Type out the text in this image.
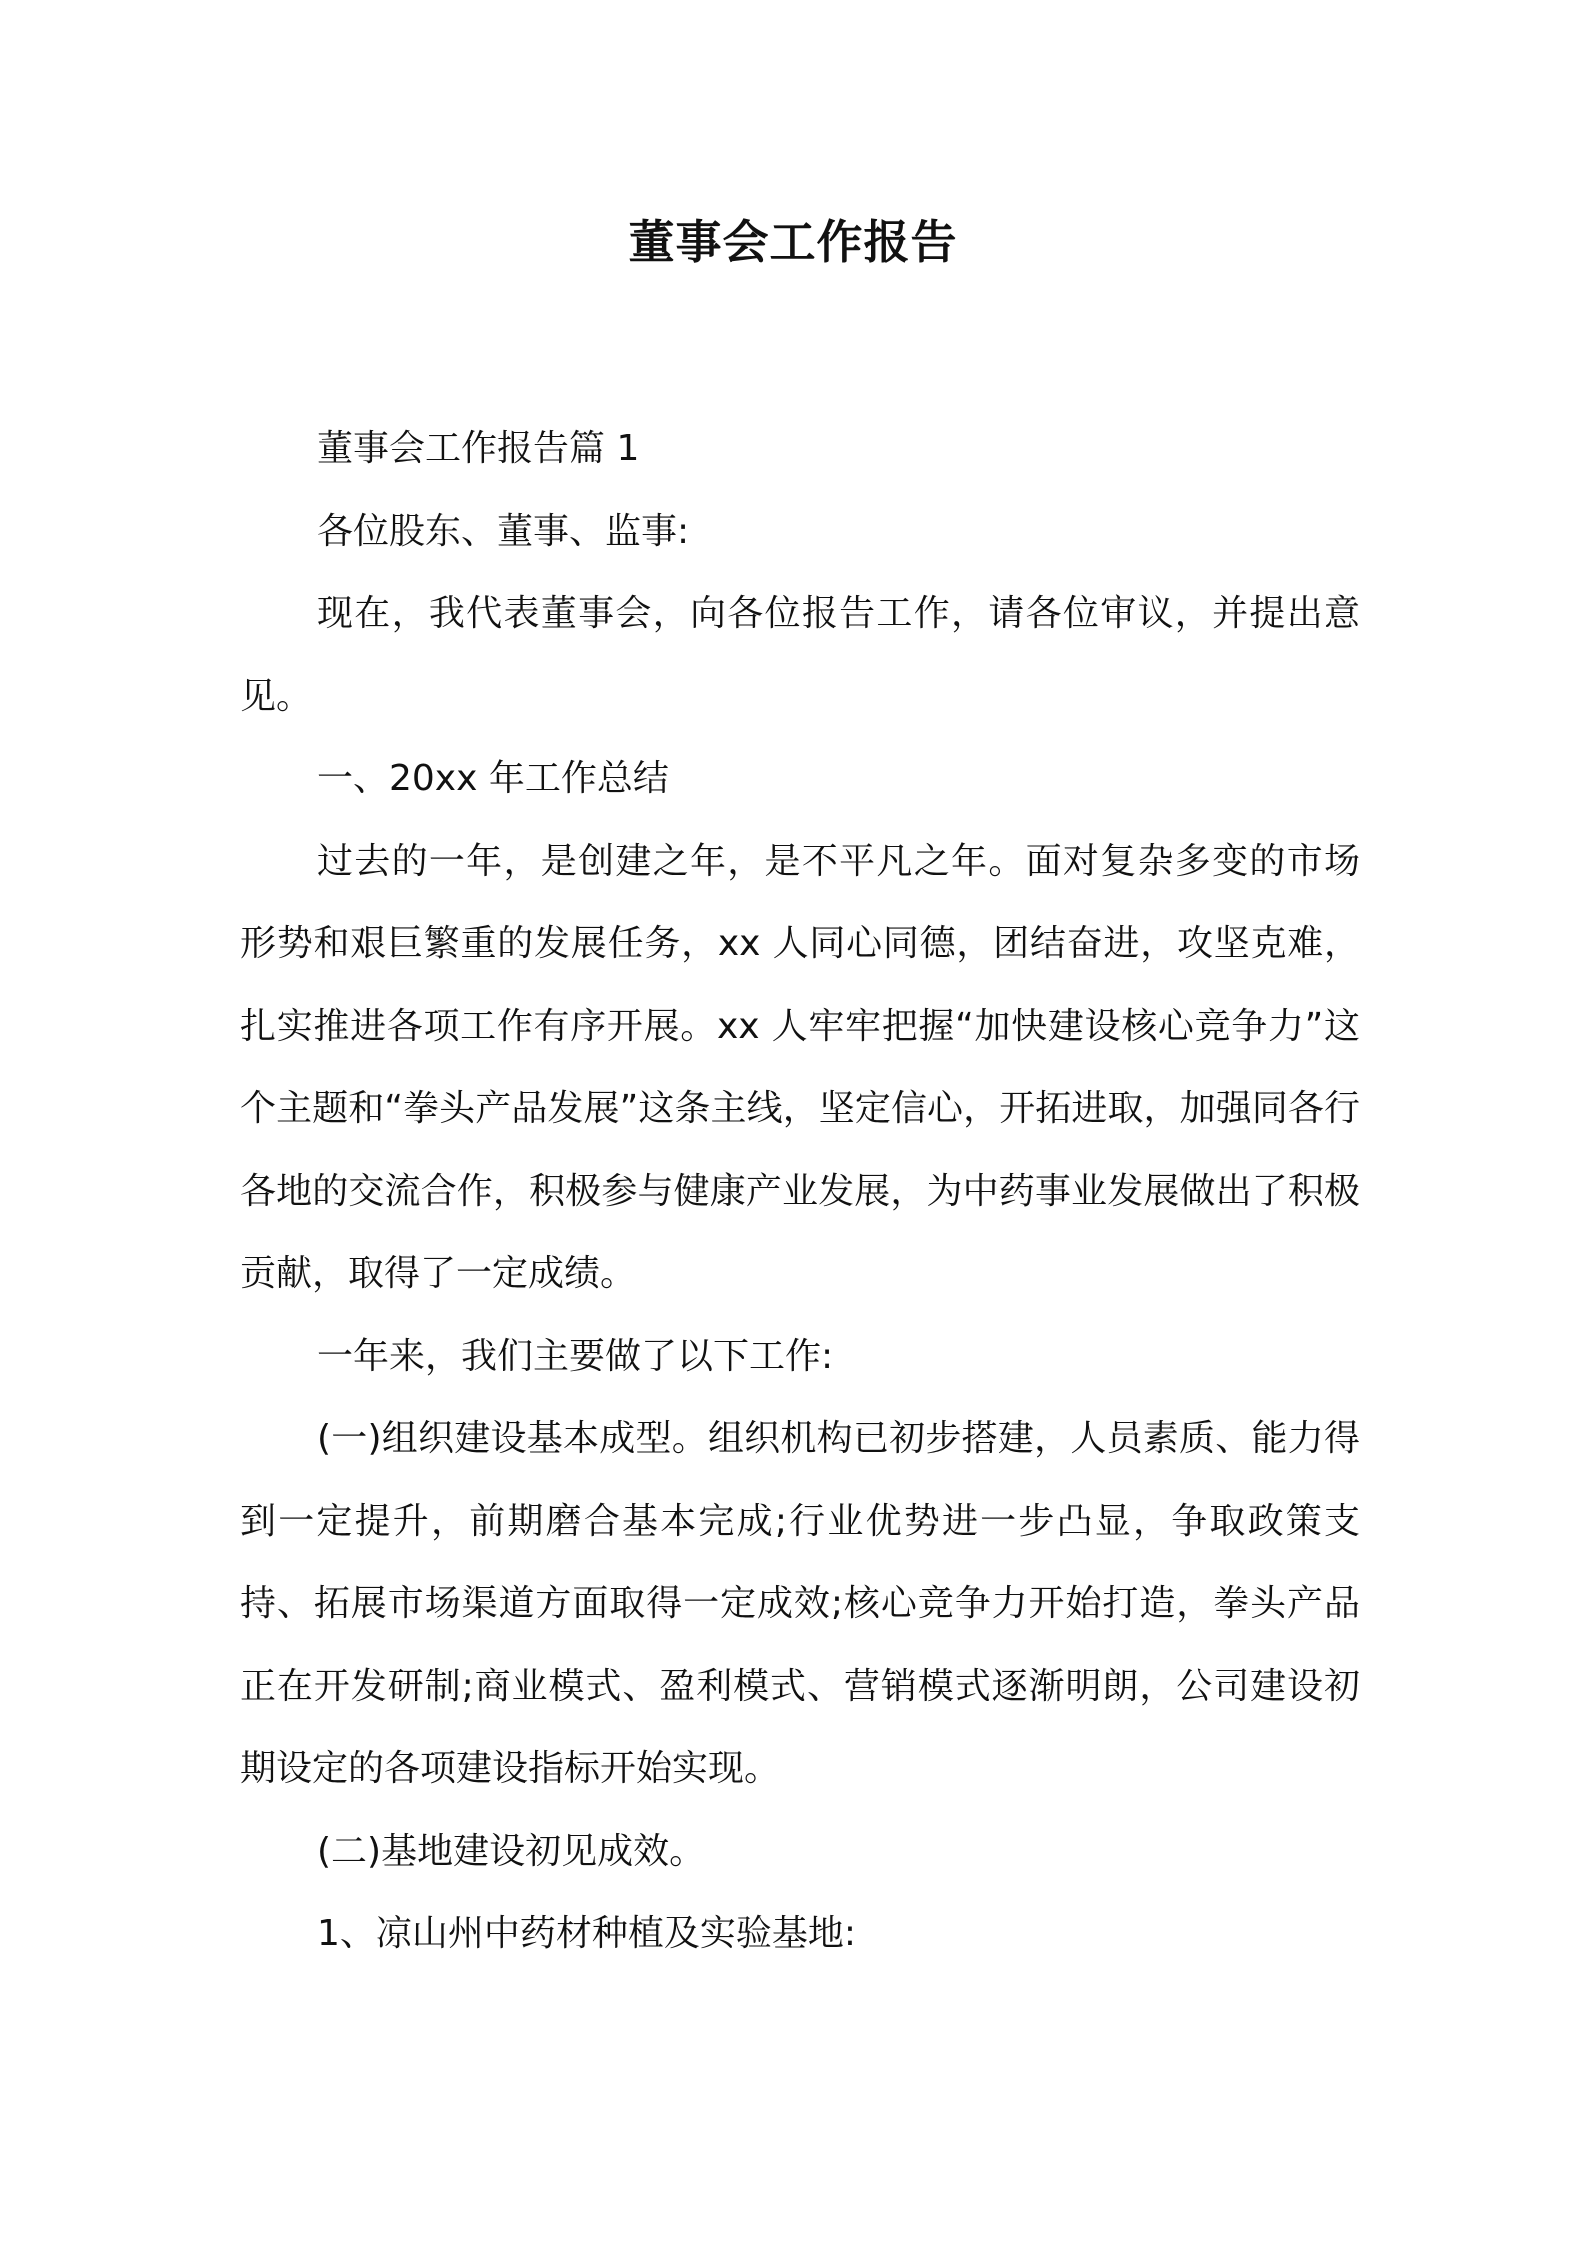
董事会工作报告

董事会工作报告篇 1

各位股东、董事、监事:

现在，我代表董事会，向各位报告工作，请各位审议，并提出意见。

一、20xx 年工作总结

过去的一年，是创建之年，是不平凡之年。面对复杂多变的市场形势和艰巨繁重的发展任务，xx 人同心同德，团结奋进，攻坚克难，扎实推进各项工作有序开展。xx 人牢牢把握“加快建设核心竞争力”这个主题和“拳头产品发展”这条主线，坚定信心，开拓进取，加强同各行各地的交流合作，积极参与健康产业发展，为中药事业发展做出了积极贡献，取得了一定成绩。

一年来，我们主要做了以下工作:

(一)组织建设基本成型。组织机构已初步搭建，人员素质、能力得到一定提升，前期磨合基本完成;行业优势进一步凸显，争取政策支持、拓展市场渠道方面取得一定成效;核心竞争力开始打造，拳头产品正在开发研制;商业模式、盈利模式、营销模式逐渐明朗，公司建设初期设定的各项建设指标开始实现。

(二)基地建设初见成效。

1、凉山州中药材种植及实验基地:
